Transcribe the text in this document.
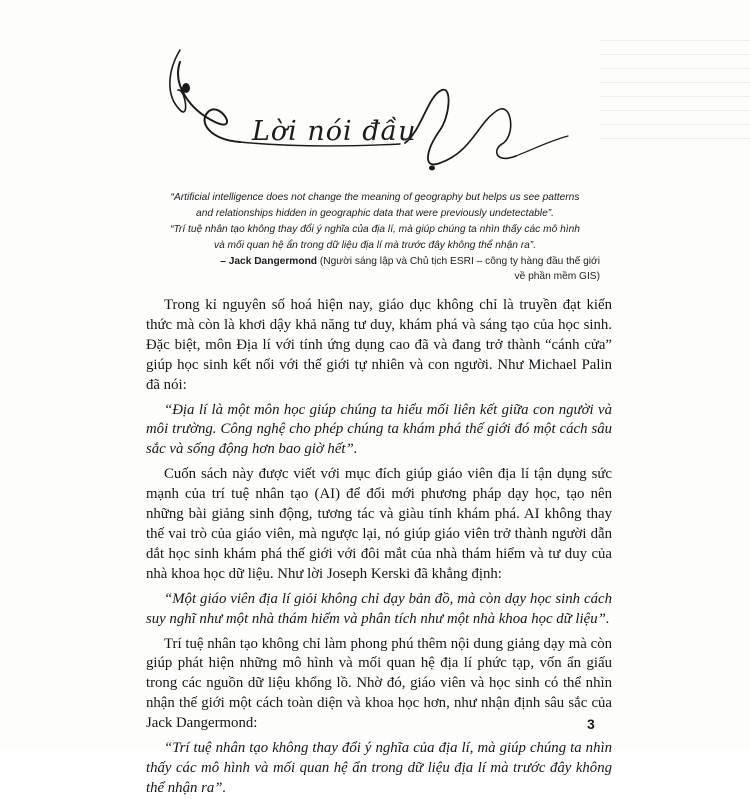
Lời nói đầu
“Artificial intelligence does not change the meaning of geography but helps us see patterns
and relationships hidden in geographic data that were previously undetectable”.
“Trí tuệ nhân tạo không thay đổi ý nghĩa của địa lí, mà giúp chúng ta nhìn thấy các mô hình
và mối quan hệ ẩn trong dữ liệu địa lí mà trước đây không thể nhận ra”.
– Jack Dangermond (Người sáng lập và Chủ tịch ESRI – công ty hàng đầu thế giới
về phần mềm GIS)

Trong kỉ nguyên số hoá hiện nay, giáo dục không chỉ là truyền đạt kiến thức mà còn là khơi dậy khả năng tư duy, khám phá và sáng tạo của học sinh. Đặc biệt, môn Địa lí với tính ứng dụng cao đã và đang trở thành “cánh cửa” giúp học sinh kết nối với thế giới tự nhiên và con người. Như Michael Palin đã nói:

“Địa lí là một môn học giúp chúng ta hiểu mối liên kết giữa con người và môi trường. Công nghệ cho phép chúng ta khám phá thế giới đó một cách sâu sắc và sống động hơn bao giờ hết”.

Cuốn sách này được viết với mục đích giúp giáo viên địa lí tận dụng sức mạnh của trí tuệ nhân tạo (AI) để đổi mới phương pháp dạy học, tạo nên những bài giảng sinh động, tương tác và giàu tính khám phá. AI không thay thế vai trò của giáo viên, mà ngược lại, nó giúp giáo viên trở thành người dẫn dắt học sinh khám phá thế giới với đôi mắt của nhà thám hiểm và tư duy của nhà khoa học dữ liệu. Như lời Joseph Kerski đã khẳng định:

“Một giáo viên địa lí giỏi không chỉ dạy bản đồ, mà còn dạy học sinh cách suy nghĩ như một nhà thám hiểm và phân tích như một nhà khoa học dữ liệu”.

Trí tuệ nhân tạo không chỉ làm phong phú thêm nội dung giảng dạy mà còn giúp phát hiện những mô hình và mối quan hệ địa lí phức tạp, vốn ẩn giấu trong các nguồn dữ liệu khổng lồ. Nhờ đó, giáo viên và học sinh có thể nhìn nhận thế giới một cách toàn diện và khoa học hơn, như nhận định sâu sắc của Jack Dangermond:

“Trí tuệ nhân tạo không thay đổi ý nghĩa của địa lí, mà giúp chúng ta nhìn thấy các mô hình và mối quan hệ ẩn trong dữ liệu địa lí mà trước đây không thể nhận ra”.

3
